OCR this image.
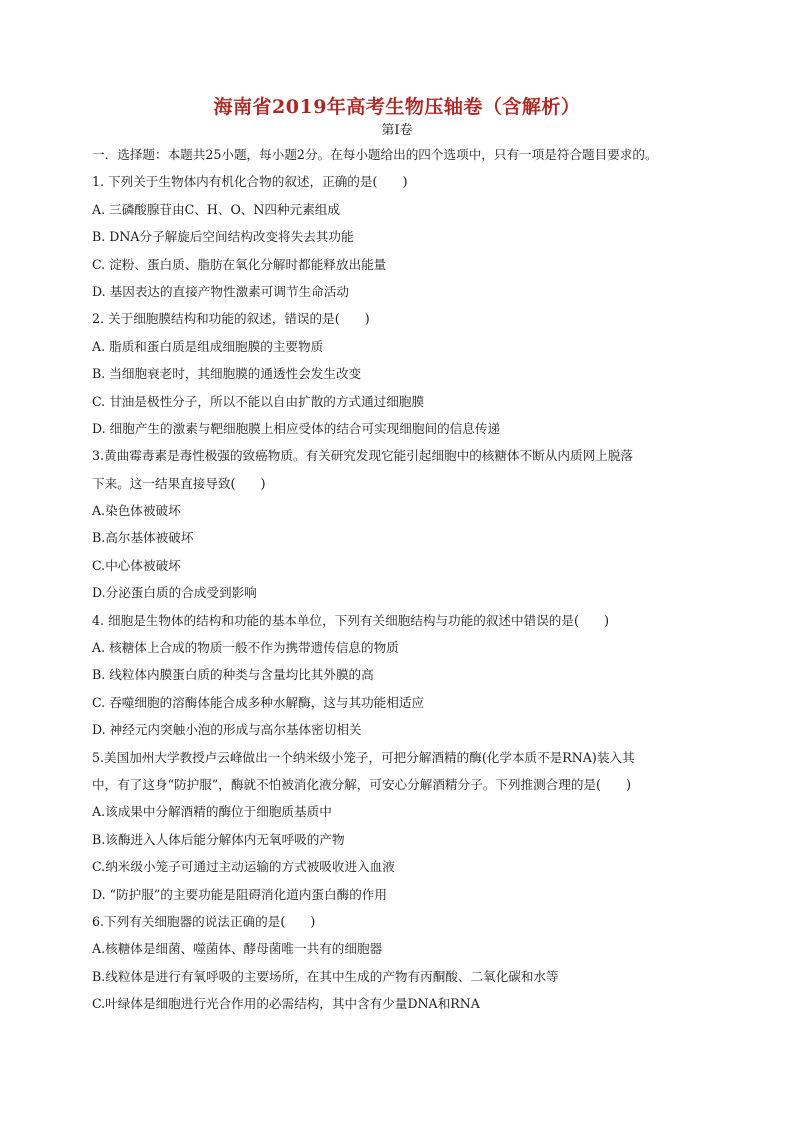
海南省2019年高考生物压轴卷（含解析）
第I卷
一．选择题：本题共25小题，每小题2分。在每小题给出的四个选项中，只有一项是符合题目要求的。
1. 下列关于生物体内有机化合物的叙述，正确的是(　　)
A. 三磷酸腺苷由C、H、O、N四种元素组成
B. DNA分子解旋后空间结构改变将失去其功能
C. 淀粉、蛋白质、脂肪在氧化分解时都能释放出能量
D. 基因表达的直接产物性激素可调节生命活动
2. 关于细胞膜结构和功能的叙述，错误的是(　　)
A. 脂质和蛋白质是组成细胞膜的主要物质
B. 当细胞衰老时，其细胞膜的通透性会发生改变
C. 甘油是极性分子，所以不能以自由扩散的方式通过细胞膜
D. 细胞产生的激素与靶细胞膜上相应受体的结合可实现细胞间的信息传递
3.黄曲霉毒素是毒性极强的致癌物质。有关研究发现它能引起细胞中的核糖体不断从内质网上脱落
下来。这一结果直接导致(　　)
A.染色体被破坏
B.高尔基体被破坏
C.中心体被破坏
D.分泌蛋白质的合成受到影响
4. 细胞是生物体的结构和功能的基本单位，下列有关细胞结构与功能的叙述中错误的是(　　)
A. 核糖体上合成的物质一般不作为携带遗传信息的物质
B. 线粒体内膜蛋白质的种类与含量均比其外膜的高
C. 吞噬细胞的溶酶体能合成多种水解酶，这与其功能相适应
D. 神经元内突触小泡的形成与高尔基体密切相关
5.美国加州大学教授卢云峰做出一个纳米级小笼子，可把分解酒精的酶(化学本质不是RNA)装入其
中，有了这身“防护服”，酶就不怕被消化液分解，可安心分解酒精分子。下列推测合理的是(　　)
A.该成果中分解酒精的酶位于细胞质基质中
B.该酶进入人体后能分解体内无氧呼吸的产物
C.纳米级小笼子可通过主动运输的方式被吸收进入血液
D. “防护服”的主要功能是阻碍消化道内蛋白酶的作用
6.下列有关细胞器的说法正确的是(　　)
A.核糖体是细菌、噬菌体、酵母菌唯一共有的细胞器
B.线粒体是进行有氧呼吸的主要场所，在其中生成的产物有丙酮酸、二氧化碳和水等
C.叶绿体是细胞进行光合作用的必需结构，其中含有少量DNA和RNA
